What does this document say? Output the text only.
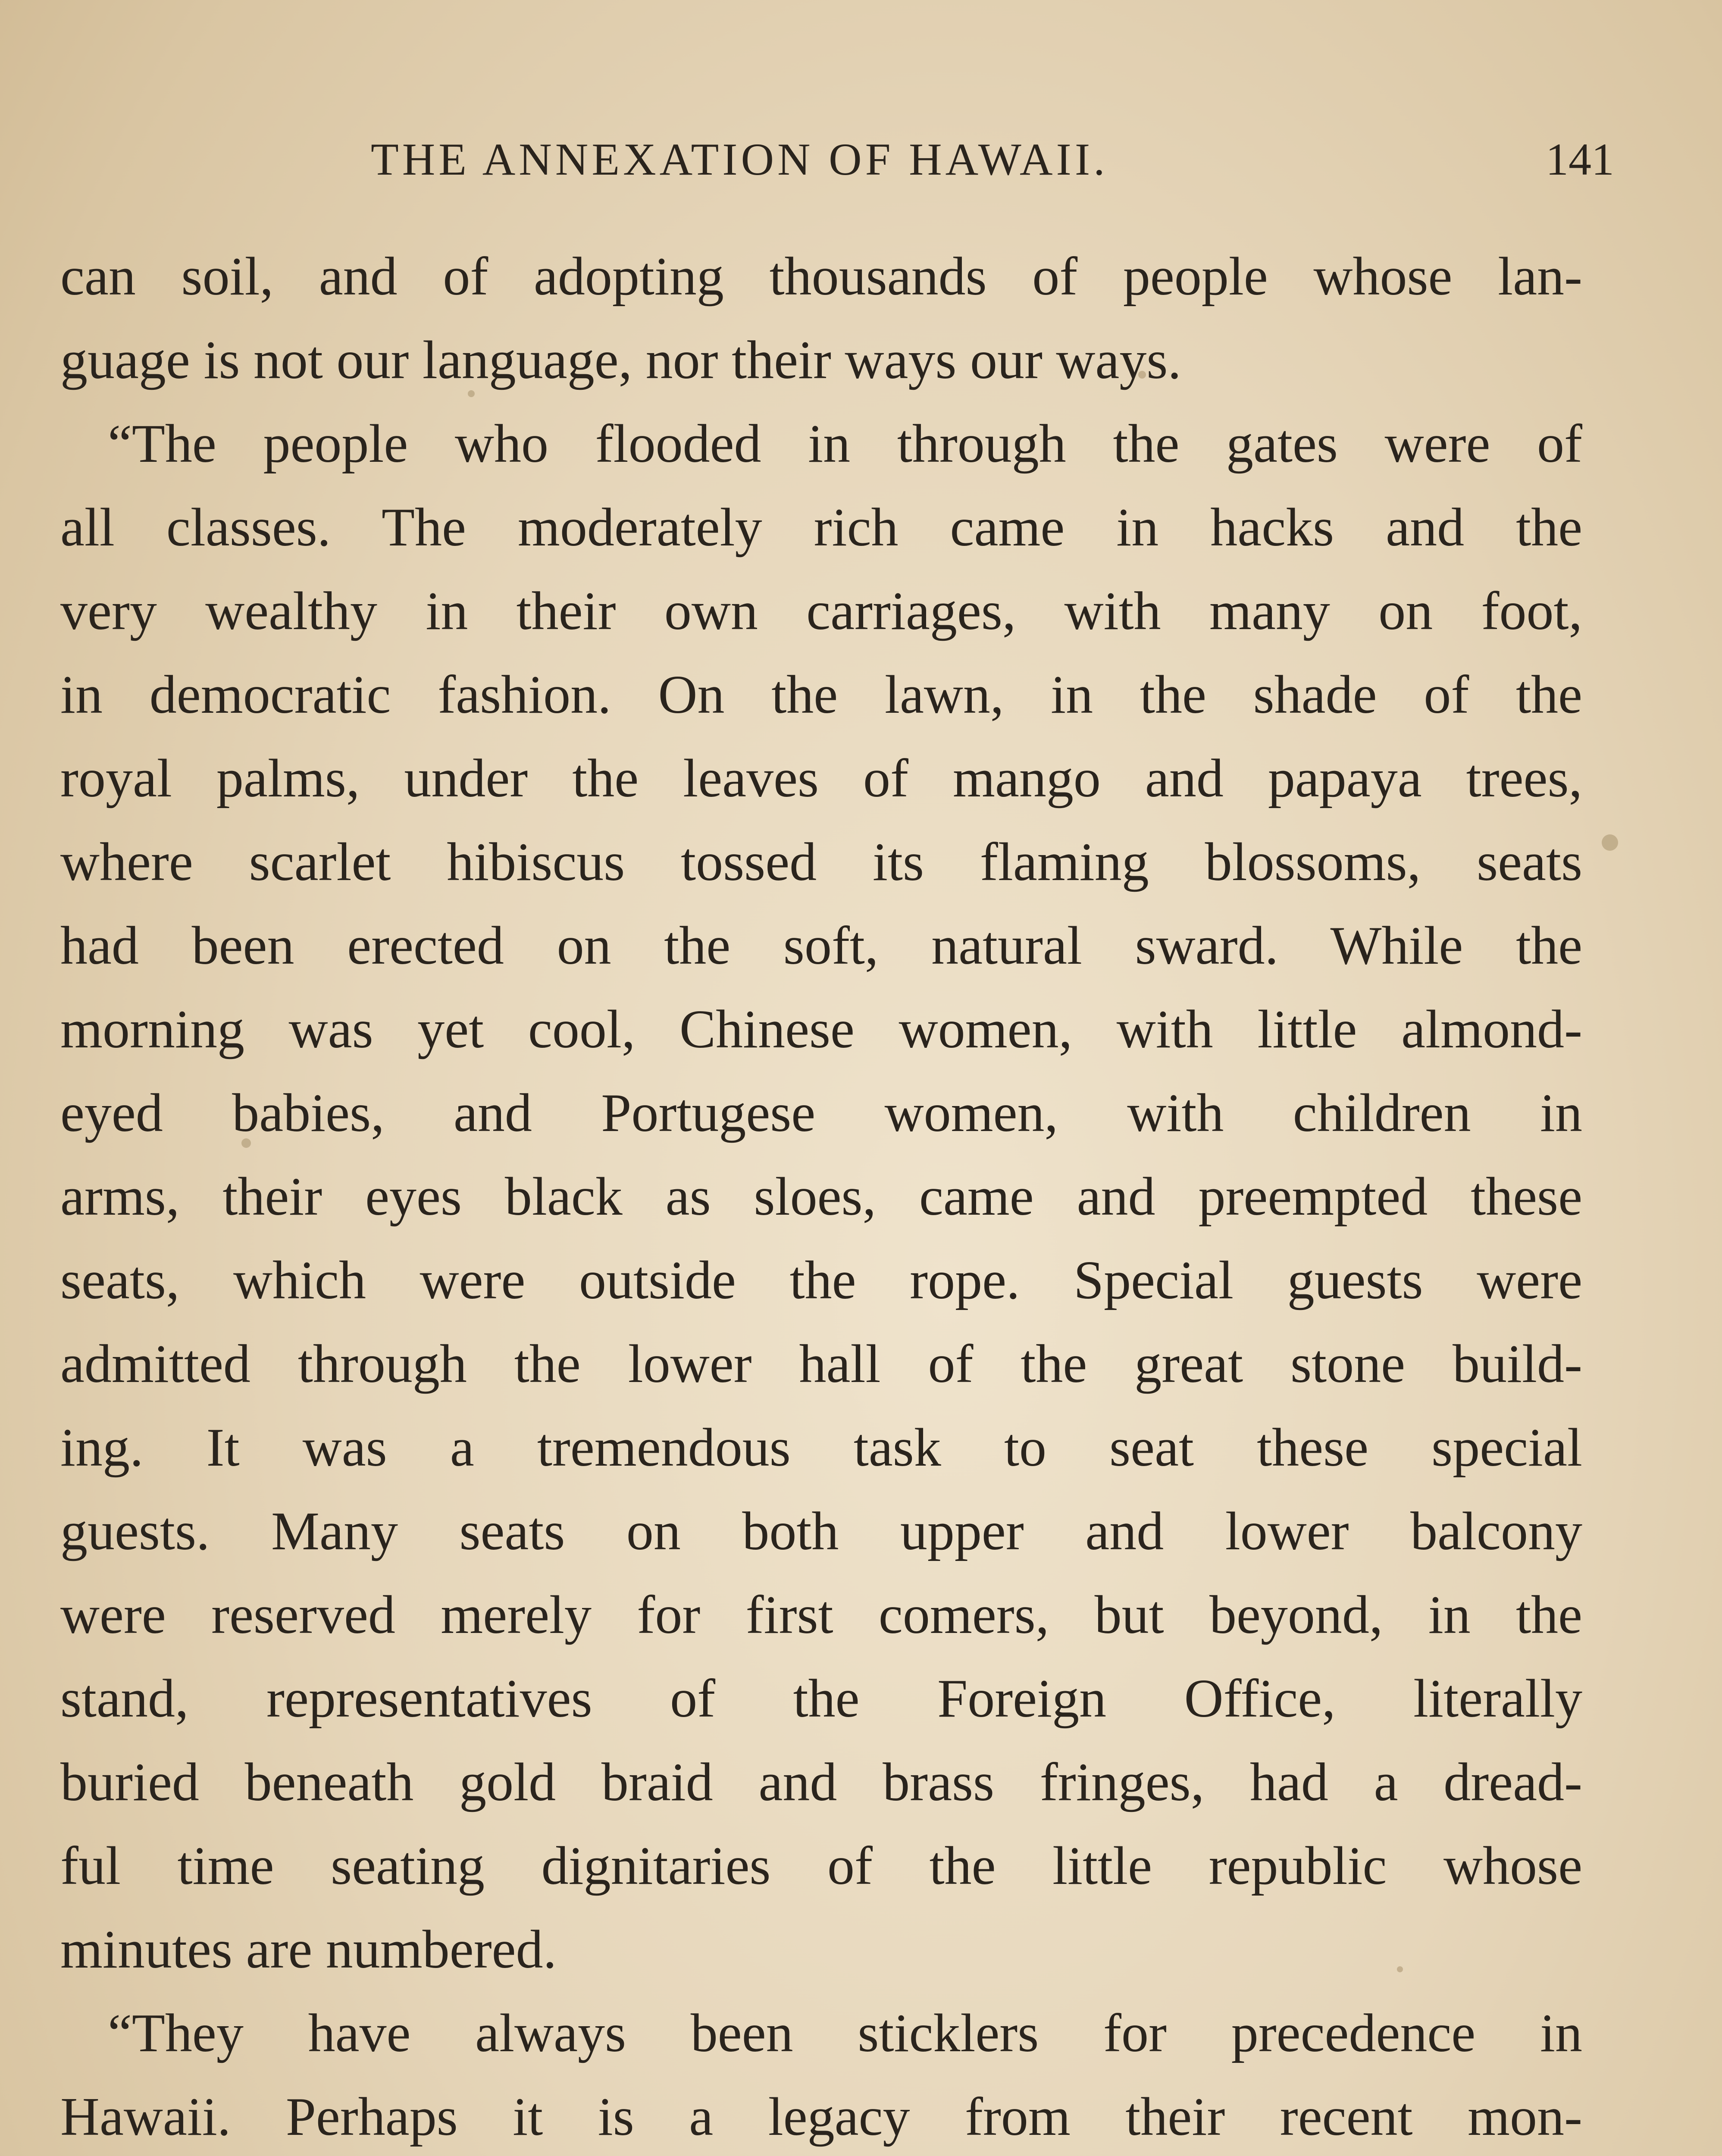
THE ANNEXATION OF HAWAII.	141
can soil, and of adopting thousands of people whose lan-
guage is not our language, nor their ways our ways.
“The people who flooded in through the gates were of
all classes. The moderately rich came in hacks and the
very wealthy in their own carriages, with many on foot,
in democratic fashion. On the lawn, in the shade of the
royal palms, under the leaves of mango and papaya trees,
where scarlet hibiscus tossed its flaming blossoms, seats
had been erected on the soft, natural sward. While the
morning was yet cool, Chinese women, with little almond-
eyed babies, and Portugese women, with children in
arms, their eyes black as sloes, came and preempted these
seats, which were outside the rope. Special guests were
admitted through the lower hall of the great stone build-
ing. It was a tremendous task to seat these special
guests. Many seats on both upper and lower balcony
were reserved merely for first comers, but beyond, in the
stand, representatives of the Foreign Office, literally
buried beneath gold braid and brass fringes, had a dread-
ful time seating dignitaries of the little republic whose
minutes are numbered.
“They have always been sticklers for precedence in
Hawaii. Perhaps it is a legacy from their recent mon-
